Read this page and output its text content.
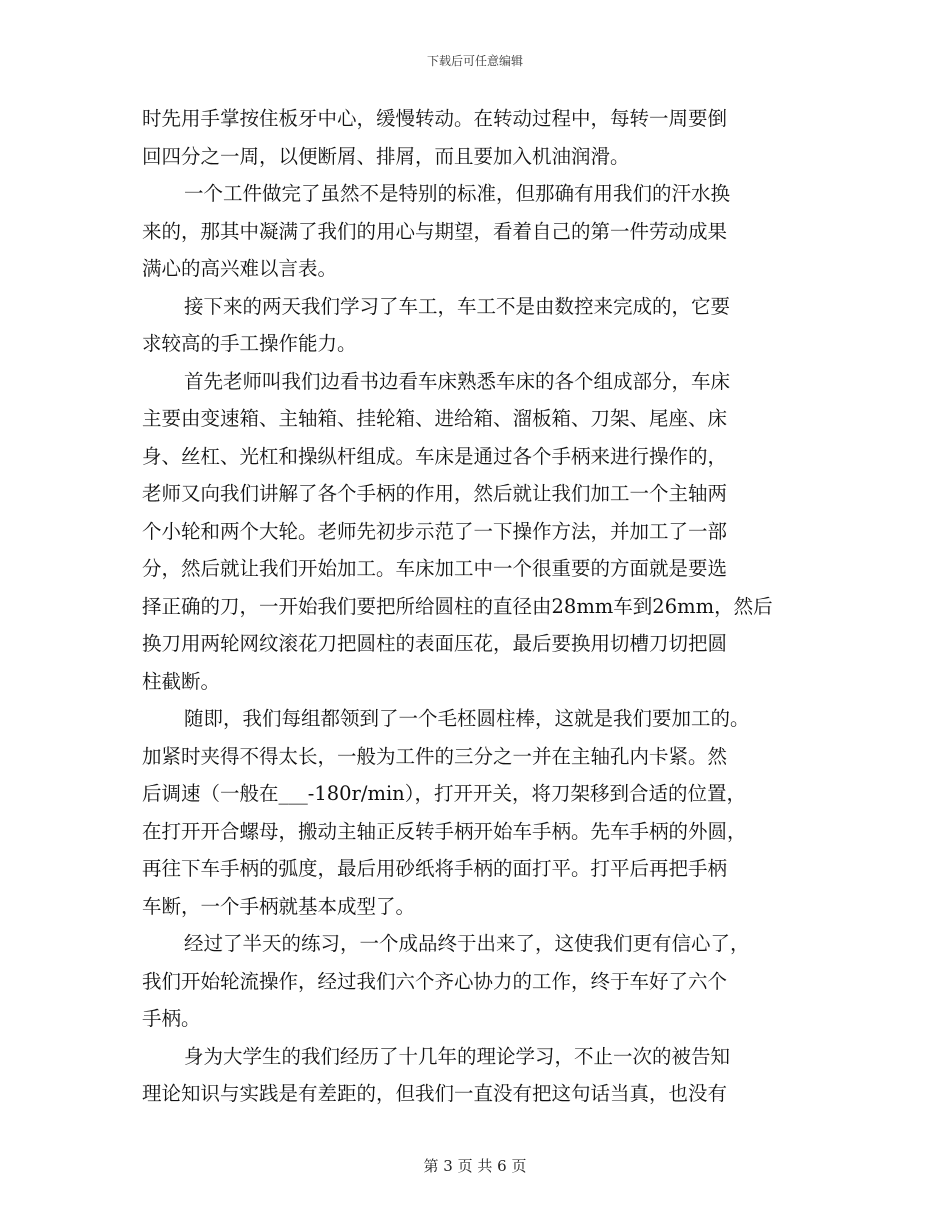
下载后可任意编辑
时先用手掌按住板牙中心，缓慢转动。在转动过程中，每转一周要倒
回四分之一周，以便断屑、排屑，而且要加入机油润滑。
一个工件做完了虽然不是特别的标准，但那确有用我们的汗水换
来的，那其中凝满了我们的用心与期望，看着自己的第一件劳动成果
满心的高兴难以言表。
接下来的两天我们学习了车工，车工不是由数控来完成的，它要
求较高的手工操作能力。
首先老师叫我们边看书边看车床熟悉车床的各个组成部分，车床
主要由变速箱、主轴箱、挂轮箱、进给箱、溜板箱、刀架、尾座、床
身、丝杠、光杠和操纵杆组成。车床是通过各个手柄来进行操作的，
老师又向我们讲解了各个手柄的作用，然后就让我们加工一个主轴两
个小轮和两个大轮。老师先初步示范了一下操作方法，并加工了一部
分，然后就让我们开始加工。车床加工中一个很重要的方面就是要选
择正确的刀，一开始我们要把所给圆柱的直径由28mm车到26mm，然后
换刀用两轮网纹滚花刀把圆柱的表面压花，最后要换用切槽刀切把圆
柱截断。
随即，我们每组都领到了一个毛柸圆柱棒，这就是我们要加工的。
加紧时夹得不得太长，一般为工件的三分之一并在主轴孔内卡紧。然
后调速（一般在___-180r/min），打开开关，将刀架移到合适的位置，
在打开开合螺母，搬动主轴正反转手柄开始车手柄。先车手柄的外圆，
再往下车手柄的弧度，最后用砂纸将手柄的面打平。打平后再把手柄
车断，一个手柄就基本成型了。
经过了半天的练习，一个成品终于出来了，这使我们更有信心了，
我们开始轮流操作，经过我们六个齐心协力的工作，终于车好了六个
手柄。
身为大学生的我们经历了十几年的理论学习，不止一次的被告知
理论知识与实践是有差距的，但我们一直没有把这句话当真，也没有
第 3 页 共 6 页
